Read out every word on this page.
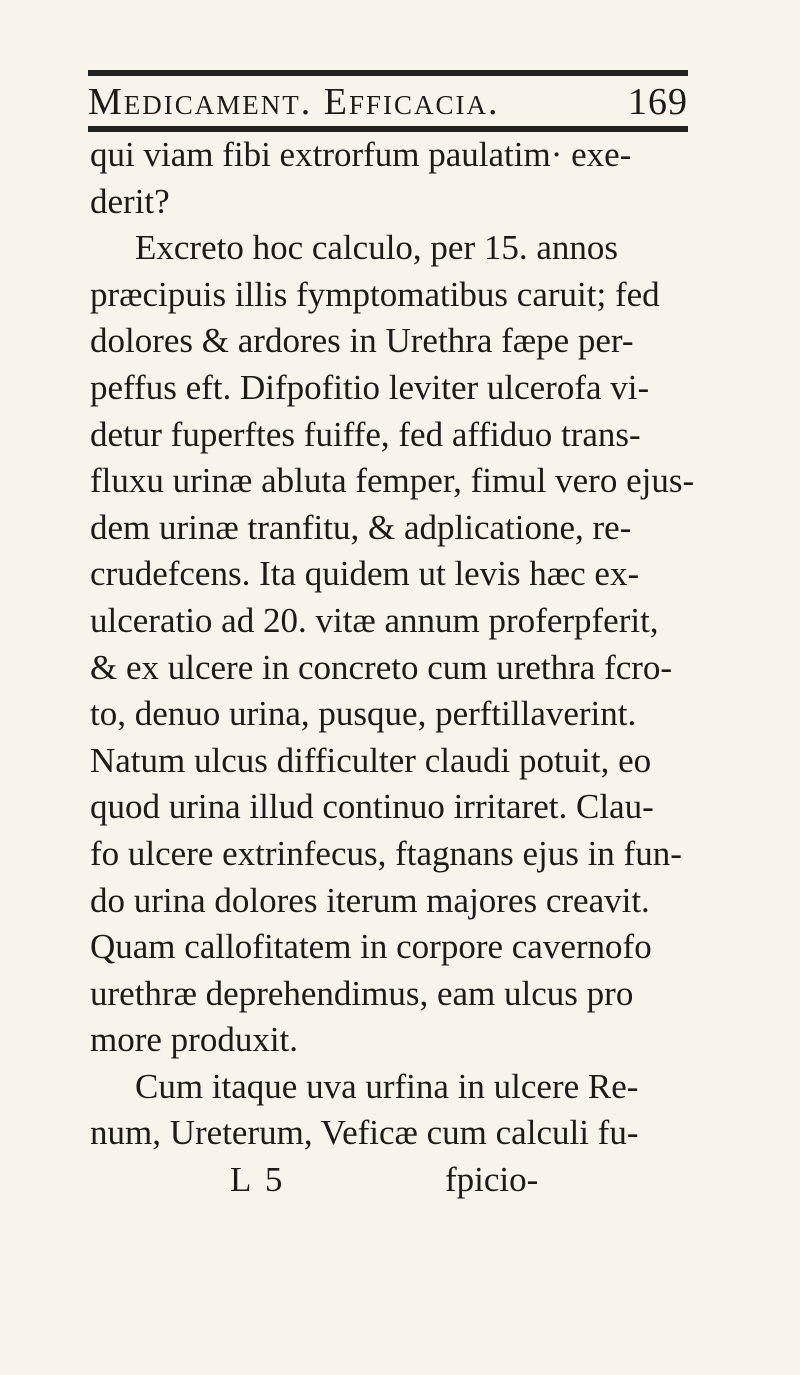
Medicament. Efficacia.	169
qui viam fibi extrorfum paulatim· exe-
derit?
Excreto hoc calculo, per 15. annos
præcipuis illis fymptomatibus caruit; fed
dolores & ardores in Urethra fæpe per-
peffus eft. Difpofitio leviter ulcerofa vi-
detur fuperftes fuiffe, fed affiduo trans-
fluxu urinæ abluta femper, fimul vero ejus-
dem urinæ tranfitu, & adplicatione, re-
crudefcens. Ita quidem ut levis hæc ex-
ulceratio ad 20. vitæ annum proferpferit,
& ex ulcere in concreto cum urethra fcro-
to, denuo urina, pusque, perftillaverint.
Natum ulcus difficulter claudi potuit, eo
quod urina illud continuo irritaret. Clau-
fo ulcere extrinfecus, ftagnans ejus in fun-
do urina dolores iterum majores creavit.
Quam callofitatem in corpore cavernofo
urethræ deprehendimus, eam ulcus pro
more produxit.
Cum itaque uva urfina in ulcere Re-
num, Ureterum, Veficæ cum calculi fu-
L 5	fpicio-
